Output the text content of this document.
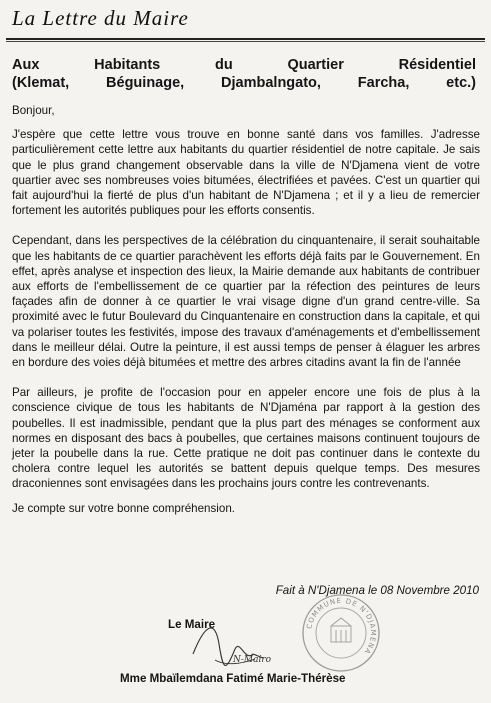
La Lettre du Maire
Aux Habitants du Quartier Résidentiel
(Klemat, Béguinage, Djambalngato, Farcha, etc.)

Bonjour,

J'espère que cette lettre vous trouve en bonne santé dans vos familles. J'adresse particulièrement cette lettre aux habitants du quartier résidentiel de notre capitale. Je sais que le plus grand changement observable dans la ville de N'Djamena vient de votre quartier avec ses nombreuses voies bitumées, électrifiées et pavées. C'est un quartier qui fait aujourd'hui la fierté de plus d'un habitant de N'Djamena ; et il y a lieu de remercier fortement les autorités publiques pour les efforts consentis.

Cependant, dans les perspectives de la célébration du cinquantenaire, il serait souhaitable que les habitants de ce quartier parachèvent les efforts déjà faits par le Gouvernement. En effet, après analyse et inspection des lieux, la Mairie demande aux habitants de contribuer aux efforts de l'embellissement de ce quartier par la réfection des peintures de leurs façades afin de donner à ce quartier le vrai visage digne d'un grand centre-ville. Sa proximité avec le futur Boulevard du Cinquantenaire en construction dans la capitale, et qui va polariser toutes les festivités, impose des travaux d'aménagements et d'embellissement dans le meilleur délai. Outre la peinture, il est aussi temps de penser à élaguer les arbres en bordure des voies déjà bitumées et mettre des arbres citadins avant la fin de l'année

Par ailleurs, je profite de l'occasion pour en appeler encore une fois de plus à la conscience civique de tous les habitants de N'Djaména par rapport à la gestion des poubelles. Il est inadmissible, pendant que la plus part des ménages se conforment aux normes en disposant des bacs à poubelles, que certaines maisons continuent toujours de jeter la poubelle dans la rue. Cette pratique ne doit pas continuer dans le contexte du cholera contre lequel les autorités se battent depuis quelque temps. Des mesures draconiennes sont envisagées dans les prochains jours contre les contrevenants.

Je compte sur votre bonne compréhension.

Fait à N'Djamena le 08 Novembre 2010
Le Maire
N-Mairo
COMMUNE DE N'DJAMENA
Mme Mbaïlemdana Fatimé Marie-Thérèse
